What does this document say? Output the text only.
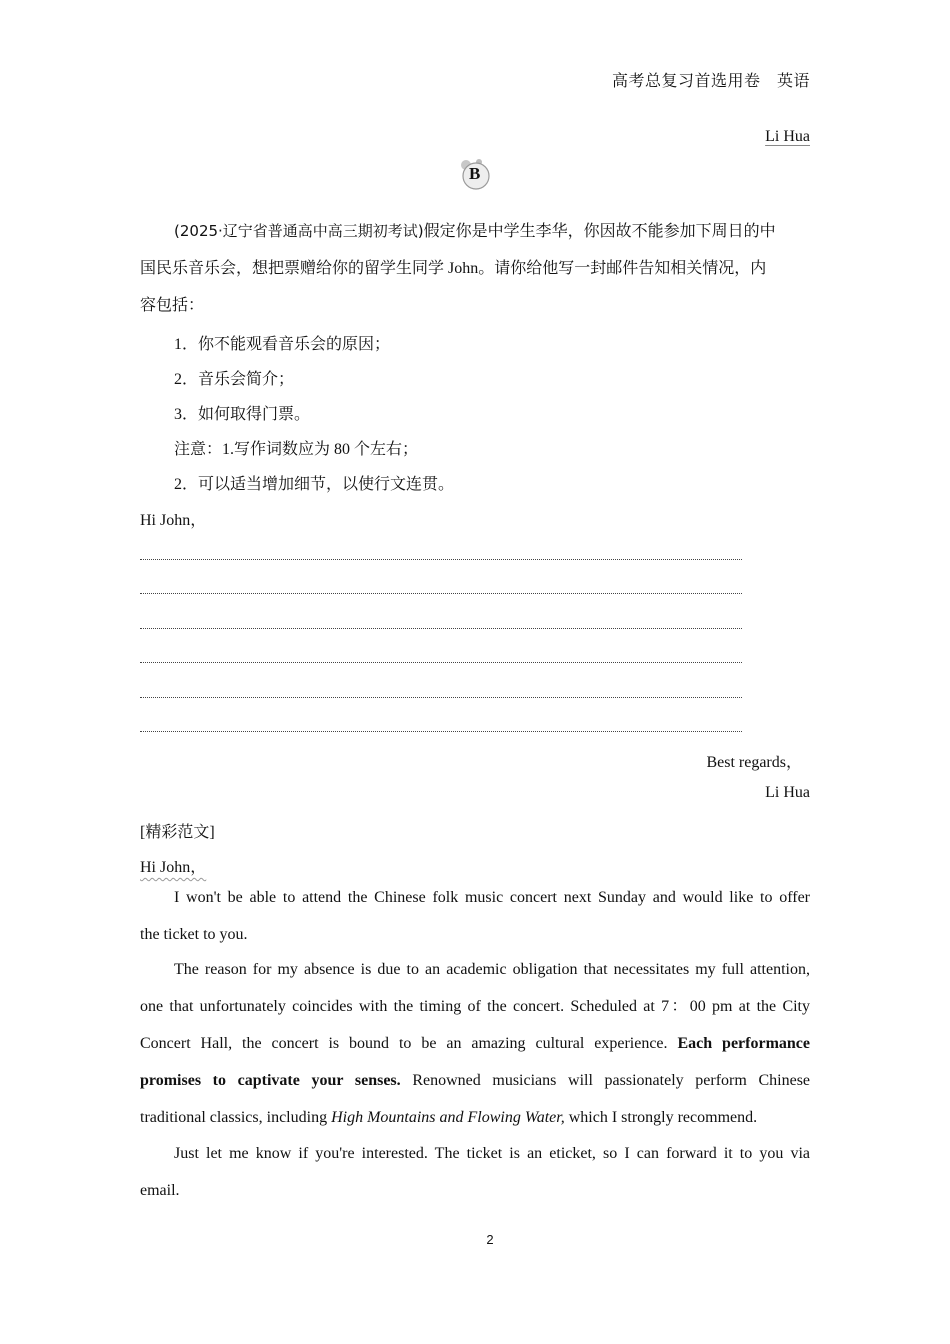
高考总复习首选用卷　英语
Li Hua
B
(2025·辽宁省普通高中高三期初考试)假定你是中学生李华，你因故不能参加下周日的中
国民乐音乐会，想把票赠给你的留学生同学 John。请你给他写一封邮件告知相关情况，内
容包括：
1．你不能观看音乐会的原因；
2．音乐会简介；
3．如何取得门票。
注意：1.写作词数应为 80 个左右；
2．可以适当增加细节，以使行文连贯。
Hi John，
Best regards，
Li Hua
[精彩范文]
Hi John，
I won't be able to attend the Chinese folk music concert next Sunday and would like to offer
the ticket to you.
The reason for my absence is due to an academic obligation that necessitates my full attention,
one that unfortunately coincides with the timing of the concert. Scheduled at 7：00 pm at the City
Concert Hall, the concert is bound to be an amazing cultural experience. Each performance
promises to captivate your senses. Renowned musicians will passionately perform Chinese
traditional classics, including High Mountains and Flowing Water, which I strongly recommend.
Just let me know if you're interested. The ticket is an eticket, so I can forward it to you via
email.
2
